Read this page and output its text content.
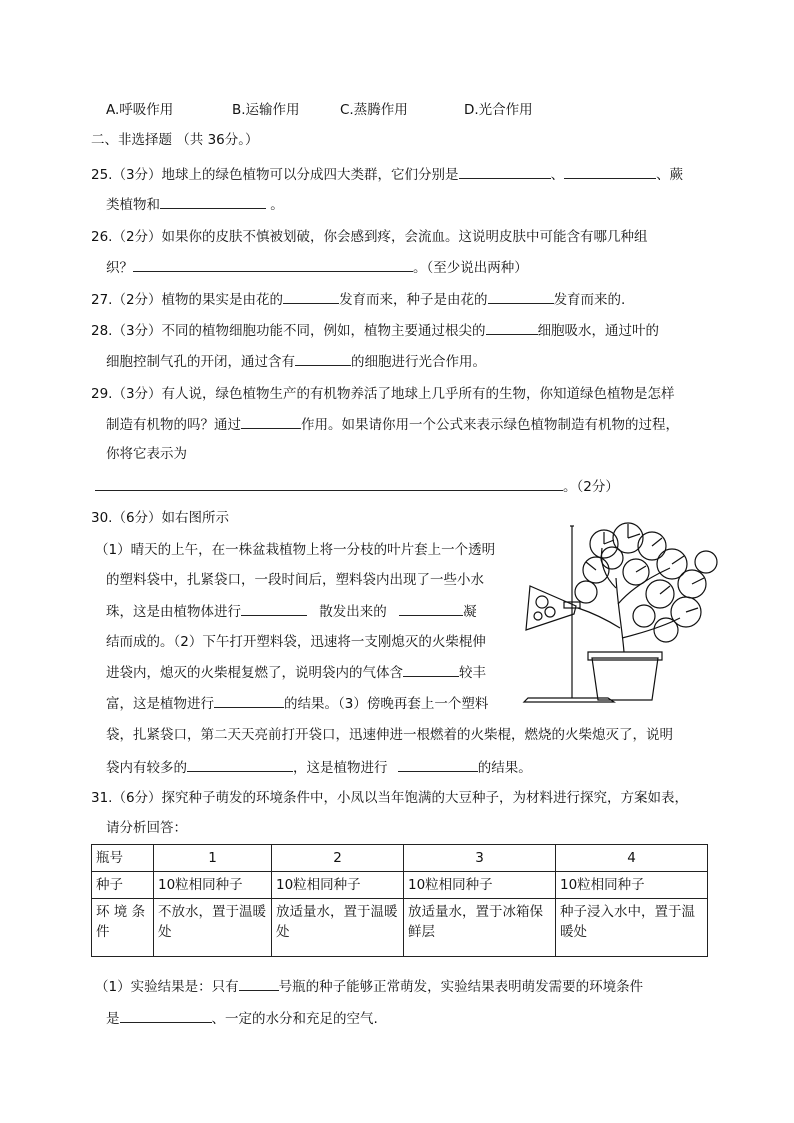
A.呼吸作用	B.运输作用	C.蒸腾作用	D.光合作用
二、非选择题 （共 36分。）
25.（3分）地球上的绿色植物可以分成四大类群，它们分别是	、	、蕨
类植物和	。
26.（2分）如果你的皮肤不慎被划破，你会感到疼，会流血。这说明皮肤中可能含有哪几种组
织？	。（至少说出两种）
27.（2分）植物的果实是由花的	发育而来，种子是由花的	发育而来的.
28.（3分）不同的植物细胞功能不同，例如，植物主要通过根尖的	细胞吸水，通过叶的
细胞控制气孔的开闭，通过含有	的细胞进行光合作用。
29.（3分）有人说，绿色植物生产的有机物养活了地球上几乎所有的生物，你知道绿色植物是怎样
制造有机物的吗？通过	作用。如果请你用一个公式来表示绿色植物制造有机物的过程，
你将它表示为
。（2分）
30.（6分）如右图所示
（1）晴天的上午，在一株盆栽植物上将一分枝的叶片套上一个透明
的塑料袋中，扎紧袋口，一段时间后，塑料袋内出现了一些小水
珠，这是由植物体进行	散发出来的	凝
结而成的。（2）下午打开塑料袋，迅速将一支刚熄灭的火柴棍伸
进袋内，熄灭的火柴棍复燃了，说明袋内的气体含	较丰
富，这是植物进行	的结果。（3）傍晚再套上一个塑料
袋，扎紧袋口，第二天天亮前打开袋口，迅速伸进一根燃着的火柴棍，燃烧的火柴熄灭了，说明
袋内有较多的	，这是植物进行	的结果。
31.（6分）探究种子萌发的环境条件中，小凤以当年饱满的大豆种子，为材料进行探究，方案如表，
请分析回答：
瓶号	1	2	3	4
种子	10粒相同种子	10粒相同种子	10粒相同种子	10粒相同种子
环 境 条 件	不放水，置于温暖处	放适量水，置于温暖处	放适量水，置于冰箱保鲜层	种子浸入水中，置于温暖处
（1）实验结果是：只有	号瓶的种子能够正常萌发，实验结果表明萌发需要的环境条件
是	、一定的水分和充足的空气.
